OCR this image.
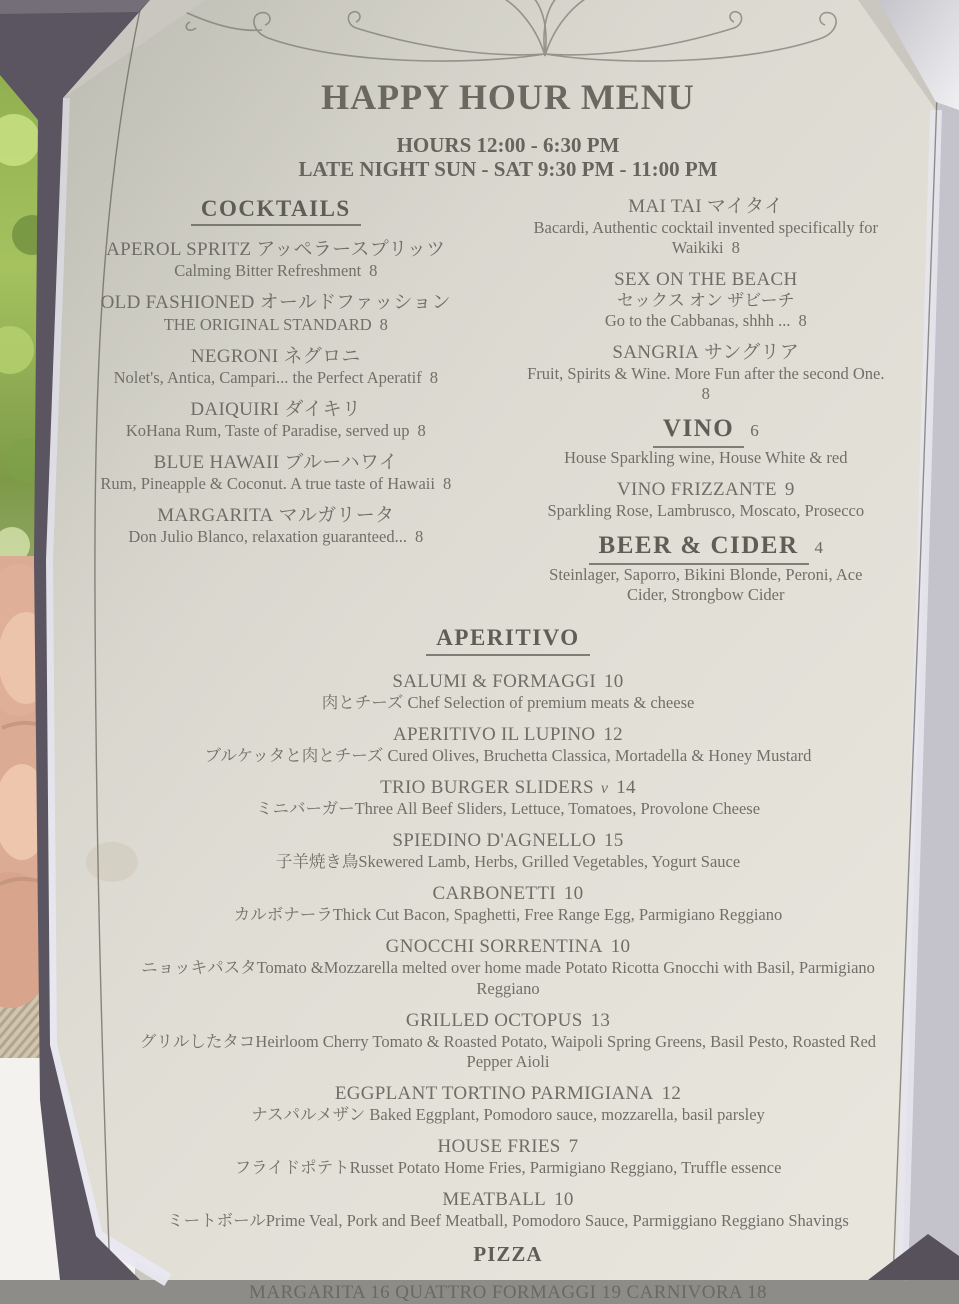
HAPPY HOUR MENU
HOURS 12:00 - 6:30 PM
LATE NIGHT SUN - SAT 9:30 PM - 11:00 PM
COCKTAILS
APEROL SPRITZ アッペラースプリッツ
Calming Bitter Refreshment 8
OLD FASHIONED オールドファッション
THE ORIGINAL STANDARD 8
NEGRONI ネグロニ
Nolet's, Antica, Campari... the Perfect Aperatif 8
DAIQUIRI ダイキリ
KoHana Rum, Taste of Paradise, served up 8
BLUE HAWAII ブルーハワイ
Rum, Pineapple & Coconut. A true taste of Hawaii 8
MARGARITA マルガリータ
Don Julio Blanco, relaxation guaranteed... 8
MAI TAI マイタイ
Bacardi, Authentic cocktail invented specifically for Waikiki 8
SEX ON THE BEACH
セックス オン ザビーチ
Go to the Cabbanas, shhh ... 8
SANGRIA サングリア
Fruit, Spirits & Wine. More Fun after the second One.
8
VINO 6
House Sparkling wine, House White & red
VINO FRIZZANTE 9
Sparkling Rose, Lambrusco, Moscato, Prosecco
BEER & CIDER 4
Steinlager, Saporro, Bikini Blonde, Peroni, Ace Cider, Strongbow Cider
APERITIVO
SALUMI & FORMAGGI 10
肉とチーズ Chef Selection of premium meats & cheese
APERITIVO IL LUPINO 12
ブルケッタと肉とチーズ Cured Olives, Bruchetta Classica, Mortadella & Honey Mustard
TRIO BURGER SLIDERS v 14
ミニバーガーThree All Beef Sliders, Lettuce, Tomatoes, Provolone Cheese
SPIEDINO D'AGNELLO 15
子羊焼き鳥Skewered Lamb, Herbs, Grilled Vegetables, Yogurt Sauce
CARBONETTI 10
カルボナーラThick Cut Bacon, Spaghetti, Free Range Egg, Parmigiano Reggiano
GNOCCHI SORRENTINA 10
ニョッキパスタTomato &Mozzarella melted over home made Potato Ricotta Gnocchi with Basil, Parmigiano Reggiano
GRILLED OCTOPUS 13
グリルしたタコHeirloom Cherry Tomato & Roasted Potato, Waipoli Spring Greens, Basil Pesto, Roasted Red Pepper Aioli
EGGPLANT TORTINO PARMIGIANA 12
ナスパルメザン Baked Eggplant, Pomodoro sauce, mozzarella, basil parsley
HOUSE FRIES 7
フライドポテトRusset Potato Home Fries, Parmigiano Reggiano, Truffle essence
MEATBALL 10
ミートボールPrime Veal, Pork and Beef Meatball, Pomodoro Sauce, Parmiggiano Reggiano Shavings
PIZZA
MARGARITA 16 QUATTRO FORMAGGI 19 CARNIVORA 18
